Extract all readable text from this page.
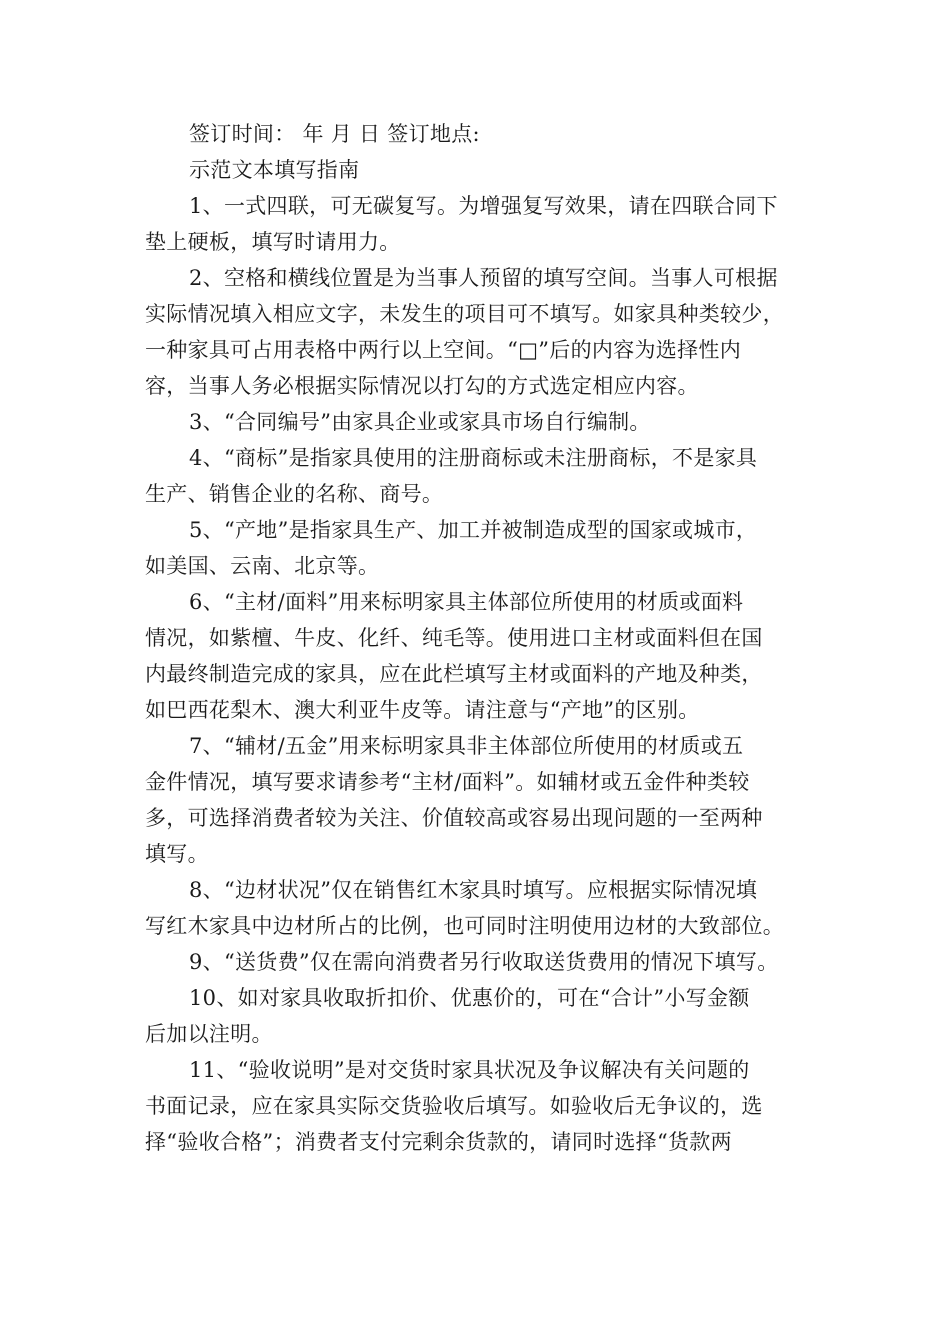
签订时间： 年 月 日 签订地点:

示范文本填写指南

1、一式四联，可无碳复写。为增强复写效果，请在四联合同下

垫上硬板，填写时请用力。

2、空格和横线位置是为当事人预留的填写空间。当事人可根据

实际情况填入相应文字，未发生的项目可不填写。如家具种类较少，

一种家具可占用表格中两行以上空间。“□”后的内容为选择性内

容，当事人务必根据实际情况以打勾的方式选定相应内容。

3、“合同编号”由家具企业或家具市场自行编制。

4、“商标”是指家具使用的注册商标或未注册商标，不是家具

生产、销售企业的名称、商号。

5、“产地”是指家具生产、加工并被制造成型的国家或城市，

如美国、云南、北京等。

6、“主材/面料”用来标明家具主体部位所使用的材质或面料

情况，如紫檀、牛皮、化纤、纯毛等。使用进口主材或面料但在国

内最终制造完成的家具，应在此栏填写主材或面料的产地及种类，

如巴西花梨木、澳大利亚牛皮等。请注意与“产地”的区别。

7、“辅材/五金”用来标明家具非主体部位所使用的材质或五

金件情况，填写要求请参考“主材/面料”。如辅材或五金件种类较

多，可选择消费者较为关注、价值较高或容易出现问题的一至两种

填写。

8、“边材状况”仅在销售红木家具时填写。应根据实际情况填

写红木家具中边材所占的比例，也可同时注明使用边材的大致部位。

9、“送货费”仅在需向消费者另行收取送货费用的情况下填写。

10、如对家具收取折扣价、优惠价的，可在“合计”小写金额

后加以注明。

11、“验收说明”是对交货时家具状况及争议解决有关问题的

书面记录，应在家具实际交货验收后填写。如验收后无争议的，选

择“验收合格”；消费者支付完剩余货款的，请同时选择“货款两
